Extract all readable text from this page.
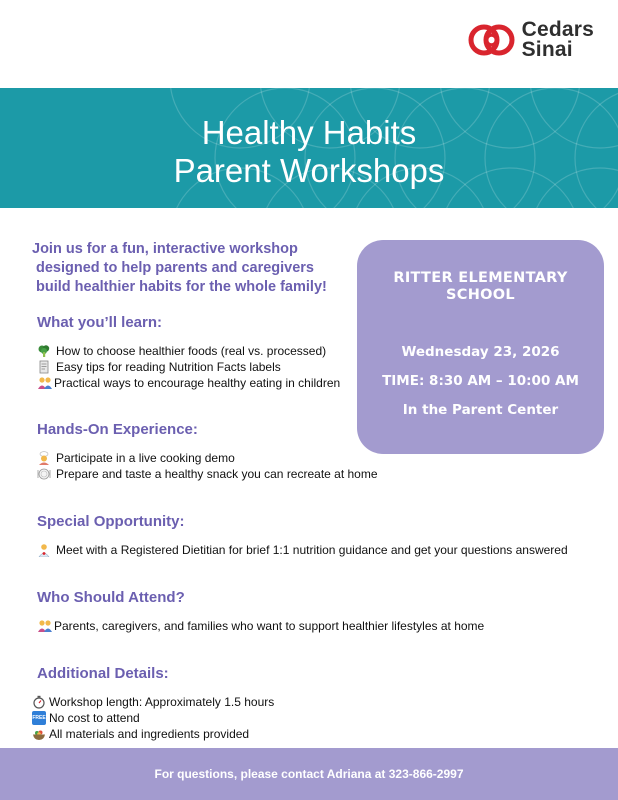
Cedars
Sinai
Healthy Habits
Parent Workshops
Join us for a fun, interactive workshop
designed to help parents and caregivers
build healthier habits for the whole family!
RITTER ELEMENTARY
SCHOOL
Wednesday 23, 2026
TIME: 8:30 AM – 10:00 AM
In the Parent Center
What you’ll learn:
How to choose healthier foods (real vs. processed)
Easy tips for reading Nutrition Facts labels
Practical ways to encourage healthy eating in children
Hands-On Experience:
Participate in a live cooking demo
Prepare and taste a healthy snack you can recreate at home
Special Opportunity:
Meet with a Registered Dietitian for brief 1:1 nutrition guidance and get your questions answered
Who Should Attend?
Parents, caregivers, and families who want to support healthier lifestyles at home
Additional Details:
Workshop length: Approximately 1.5 hours
FREE No cost to attend
All materials and ingredients provided
For questions, please contact Adriana at 323-866-2997
